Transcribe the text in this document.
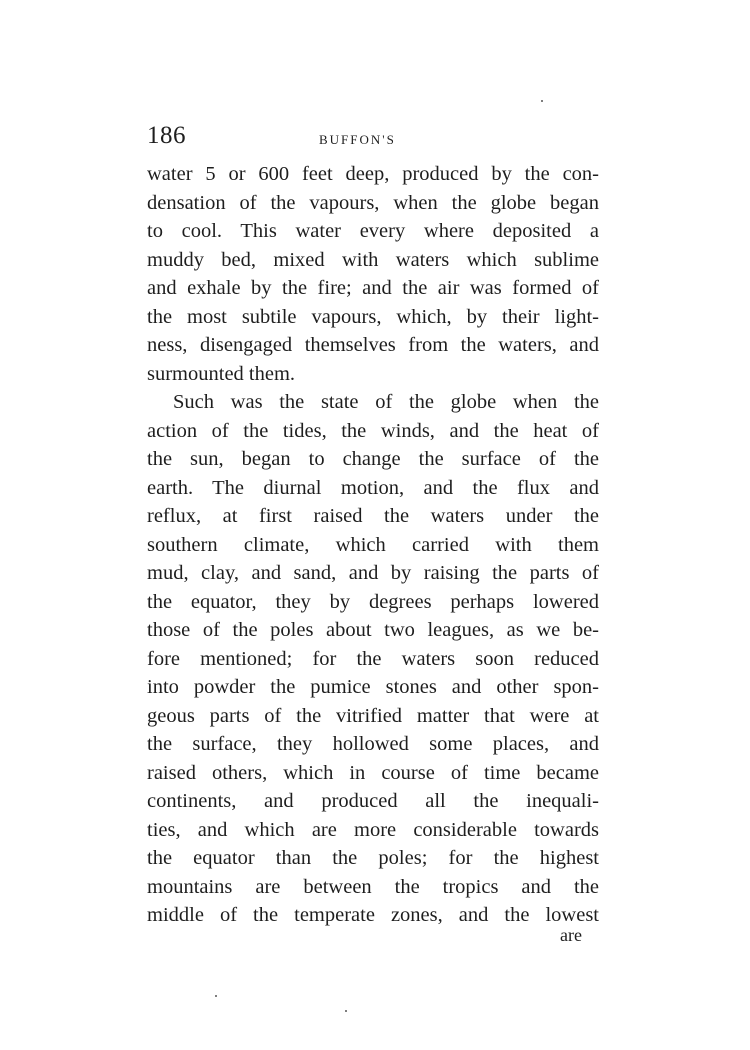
186	BUFFON'S
water 5 or 600 feet deep, produced by the con-
densation of the vapours, when the globe began
to cool. This water every where deposited a
muddy bed, mixed with waters which sublime
and exhale by the fire; and the air was formed of
the most subtile vapours, which, by their light-
ness, disengaged themselves from the waters, and
surmounted them.
Such was the state of the globe when the
action of the tides, the winds, and the heat of
the sun, began to change the surface of the
earth. The diurnal motion, and the flux and
reflux, at first raised the waters under the
southern climate, which carried with them
mud, clay, and sand, and by raising the parts of
the equator, they by degrees perhaps lowered
those of the poles about two leagues, as we be-
fore mentioned; for the waters soon reduced
into powder the pumice stones and other spon-
geous parts of the vitrified matter that were at
the surface, they hollowed some places, and
raised others, which in course of time became
continents, and produced all the inequali-
ties, and which are more considerable towards
the equator than the poles; for the highest
mountains are between the tropics and the
middle of the temperate zones, and the lowest
are
